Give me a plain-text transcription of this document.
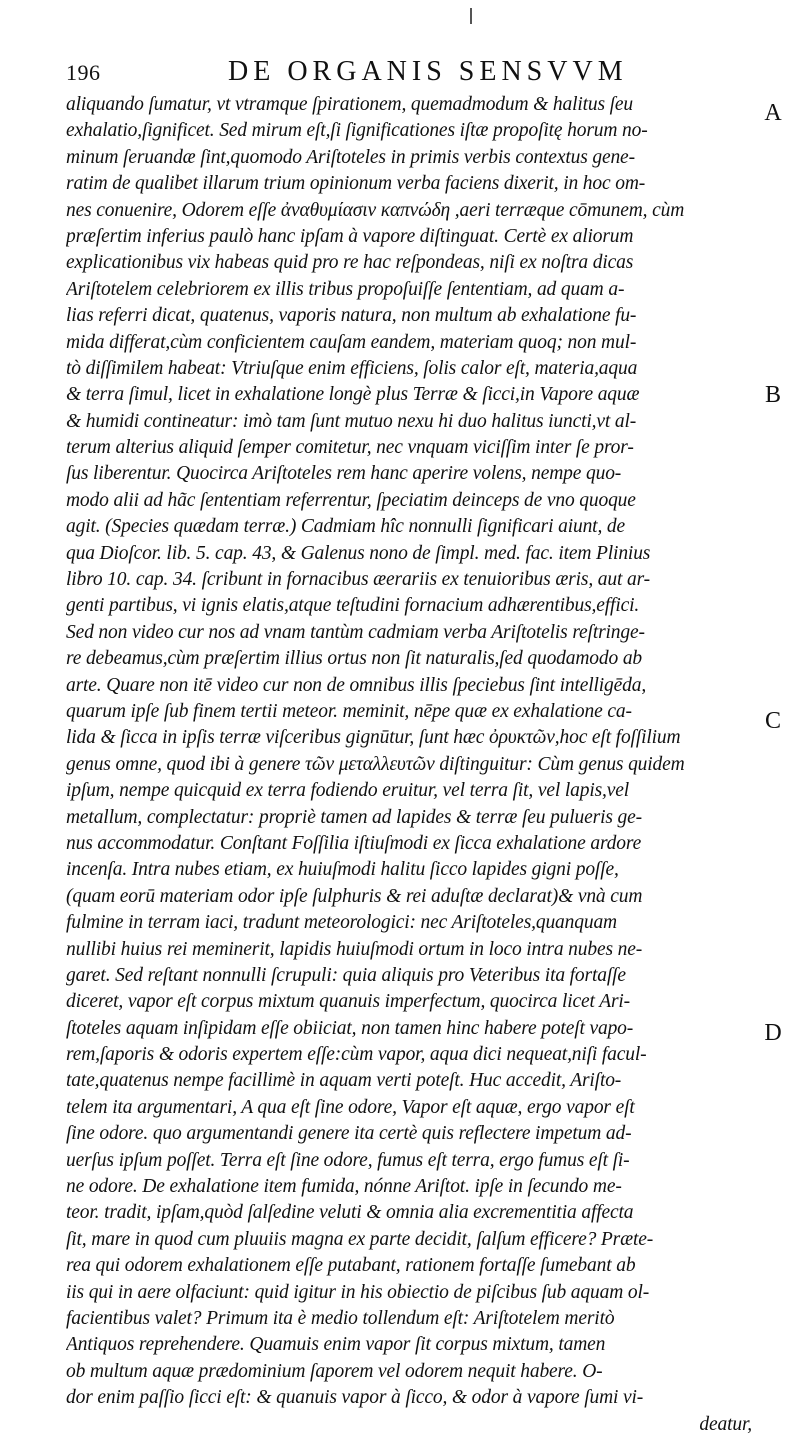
196	DE ORGANIS SENSVVM
aliquando ſumatur, vt vtramque ſpirationem, quemadmodum & halitus ſeu
exhalatio,ſignificet. Sed mirum eſt,ſi ſignificationes iſtæ propoſitę horum no-
minum ſeruandæ ſint,quomodo Ariſtoteles in primis verbis contextus gene-
ratim de qualibet illarum trium opinionum verba faciens dixerit, in hoc om-
nes conuenire, Odorem eſſe ἀναθυμίασιν καπνώδη ,aeri terræque cōmunem, cùm
præſertim inferius paulò hanc ipſam à vapore diſtinguat. Certè ex aliorum
explicationibus vix habeas quid pro re hac reſpondeas, niſi ex noſtra dicas
Ariſtotelem celebriorem ex illis tribus propoſuiſſe ſententiam, ad quam a-
lias referri dicat, quatenus, vaporis natura, non multum ab exhalatione fu-
mida differat,cùm conficientem cauſam eandem, materiam quoq; non mul-
tò diſſimilem habeat: Vtriuſque enim efficiens, ſolis calor eſt, materia,aqua
& terra ſimul, licet in exhalatione longè plus Terræ & ſicci,in Vapore aquæ
& humidi contineatur: imò tam ſunt mutuo nexu hi duo halitus iuncti,vt al-
terum alterius aliquid ſemper comitetur, nec vnquam viciſſim inter ſe pror-
ſus liberentur. Quocirca Ariſtoteles rem hanc aperire volens, nempe quo-
modo alii ad hãc ſententiam referrentur, ſpeciatim deinceps de vno quoque
agit. (Species quædam terræ.) Cadmiam hîc nonnulli ſignificari aiunt, de
qua Dioſcor. lib. 5. cap. 43, & Galenus nono de ſimpl. med. fac. item Plinius
libro 10. cap. 34. ſcribunt in fornacibus æerariis ex tenuioribus æris, aut ar-
genti partibus, vi ignis elatis,atque teſtudini fornacium adhærentibus,effici.
Sed non video cur nos ad vnam tantùm cadmiam verba Ariſtotelis reſtringe-
re debeamus,cùm præſertim illius ortus non ſit naturalis,ſed quodamodo ab
arte. Quare non itē video cur non de omnibus illis ſpeciebus ſint intelligēda,
quarum ipſe ſub finem tertii meteor. meminit, nēpe quæ ex exhalatione ca-
lida & ſicca in ipſis terræ viſceribus gignūtur, ſunt hæc ὀρυκτῶν,hoc eſt foſſilium
genus omne, quod ibi à genere τῶν μεταλλευτῶν diſtinguitur: Cùm genus quidem
ipſum, nempe quicquid ex terra fodiendo eruitur, vel terra ſit, vel lapis,vel
metallum, complectatur: propriè tamen ad lapides & terræ ſeu pulueris ge-
nus accommodatur. Conſtant Foſſilia iſtiuſmodi ex ſicca exhalatione ardore
incenſa. Intra nubes etiam, ex huiuſmodi halitu ſicco lapides gigni poſſe,
(quam eorū materiam odor ipſe ſulphuris & rei aduſtæ declarat)& vnà cum
fulmine in terram iaci, tradunt meteorologici: nec Ariſtoteles,quanquam
nullibi huius rei meminerit, lapidis huiuſmodi ortum in loco intra nubes ne-
garet. Sed reſtant nonnulli ſcrupuli: quia aliquis pro Veteribus ita fortaſſe
diceret, vapor eſt corpus mixtum quanuis imperfectum, quocirca licet Ari-
ſtoteles aquam inſipidam eſſe obiiciat, non tamen hinc habere poteſt vapo-
rem,ſaporis & odoris expertem eſſe:cùm vapor, aqua dici nequeat,niſi facul-
tate,quatenus nempe facillimè in aquam verti poteſt. Huc accedit, Ariſto-
telem ita argumentari, A qua eſt ſine odore, Vapor eſt aquæ, ergo vapor eſt
ſine odore. quo argumentandi genere ita certè quis reflectere impetum ad-
uerſus ipſum poſſet. Terra eſt ſine odore, fumus eſt terra, ergo fumus eſt ſi-
ne odore. De exhalatione item fumida, nónne Ariſtot. ipſe in ſecundo me-
teor. tradit, ipſam,quòd ſalſedine veluti & omnia alia excrementitia affecta
ſit, mare in quod cum pluuiis magna ex parte decidit, ſalſum efficere? Præte-
rea qui odorem exhalationem eſſe putabant, rationem fortaſſe ſumebant ab
iis qui in aere olfaciunt: quid igitur in his obiectio de piſcibus ſub aquam ol-
facientibus valet? Primum ita è medio tollendum eſt: Ariſtotelem meritò
Antiquos reprehendere. Quamuis enim vapor ſit corpus mixtum, tamen
ob multum aquæ prædominium ſaporem vel odorem nequit habere. O-
dor enim paſſio ſicci eſt: & quanuis vapor à ſicco, & odor à vapore ſumi vi-
deatur,
A
B
C
D
